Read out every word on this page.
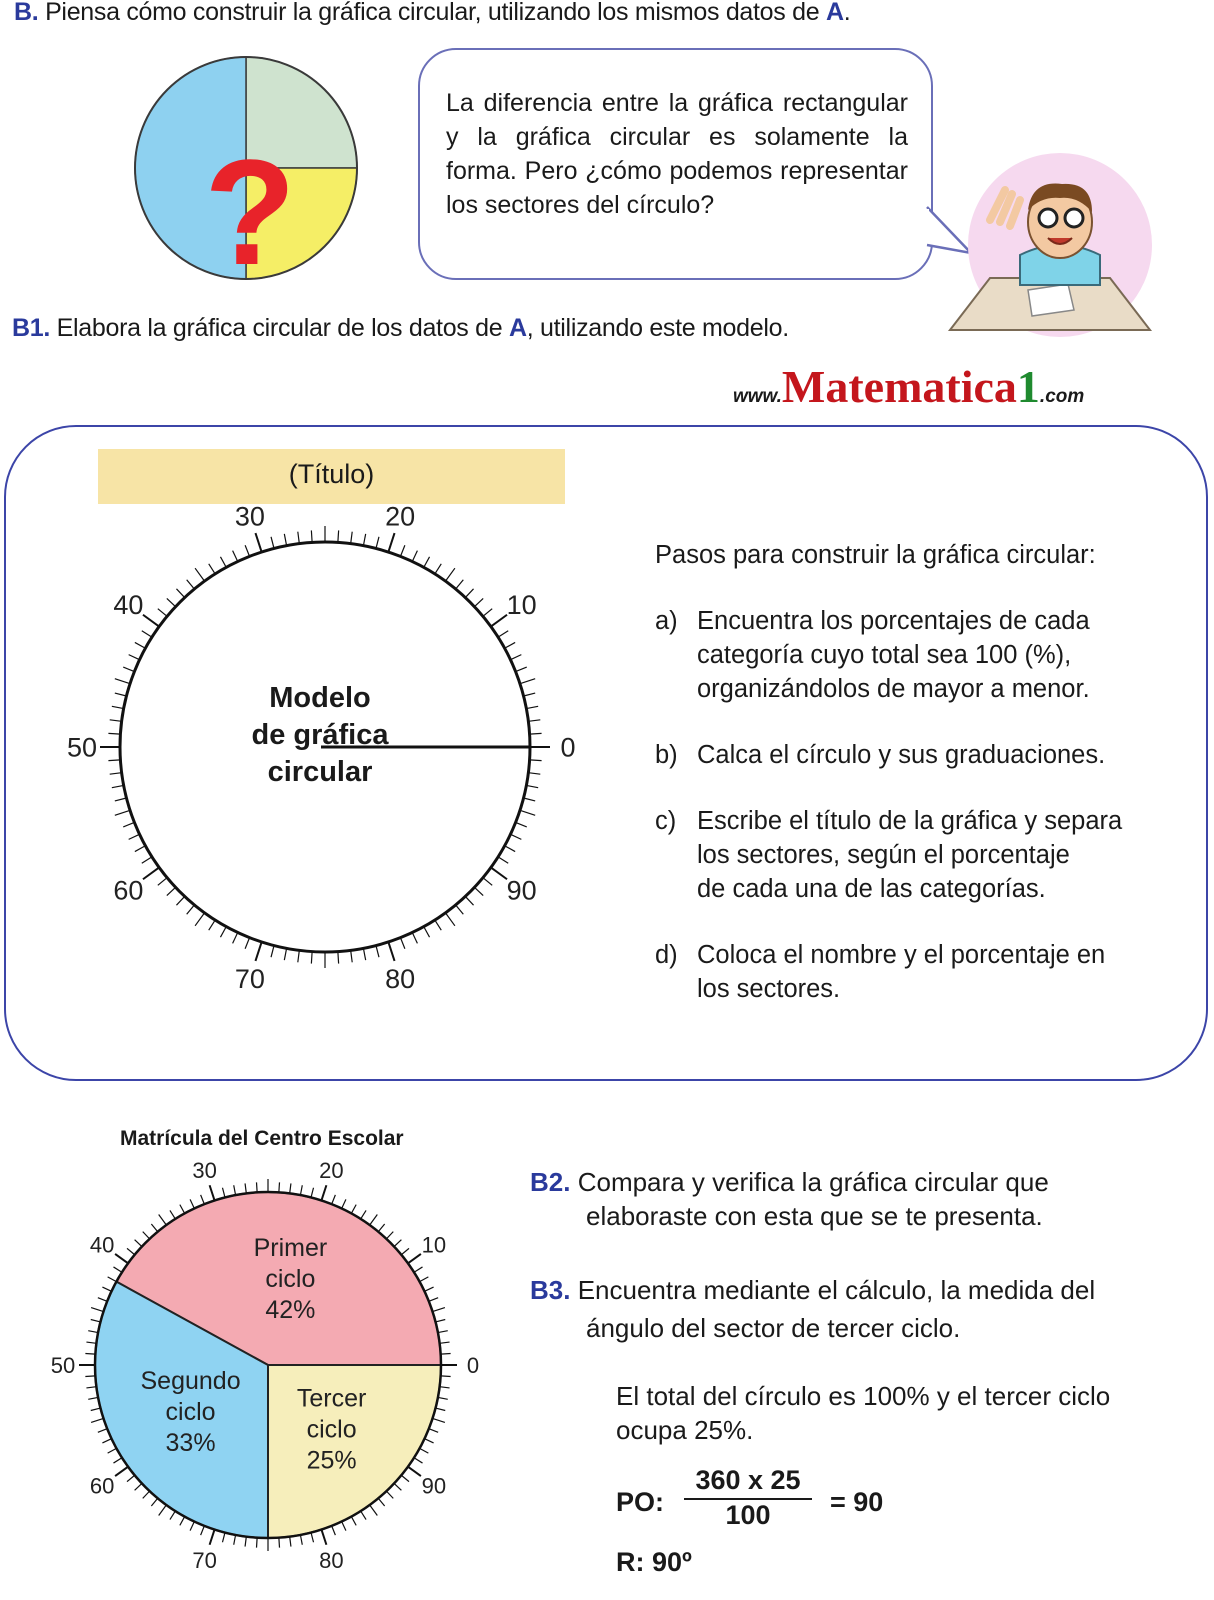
B. Piensa cómo construir la gráfica circular, utilizando los mismos datos de A.
?
La diferencia entre la gráfica rectangular y la gráfica circular es solamente la forma. Pero ¿cómo podemos representar los sectores del círculo?
B1. Elabora la gráfica circular de los datos de A, utilizando este modelo.
www.Matematica1.com
(Título)
0
10
20
30
40
50
60
70	80
90
Modelo
de gráfica
circular

Pasos para construir la gráfica circular:

a) Encuentra los porcentajes de cada
categoría cuyo total sea 100 (%),
organizándolos de mayor a menor.
b) Calca el círculo y sus graduaciones.
c) Escribe el título de la gráfica y separa
los sectores, según el porcentaje
de cada una de las categorías.
d) Coloca el nombre y el porcentaje en
los sectores.
Matrícula del Centro Escolar
Primer
ciclo
42%
Segundo
ciclo
33%
Tercer
ciclo
25%
0
10
20
30
40
50
60
70	80
90

B2. Compara y verifica la gráfica circular que

elaboraste con esta que se te presenta.

B3. Encuentra mediante el cálculo, la medida del

ángulo del sector de tercer ciclo.

El total del círculo es 100% y el tercer ciclo

ocupa 25%.

PO: $\frac{360 x 25}{100} = 90$
R: 90º
